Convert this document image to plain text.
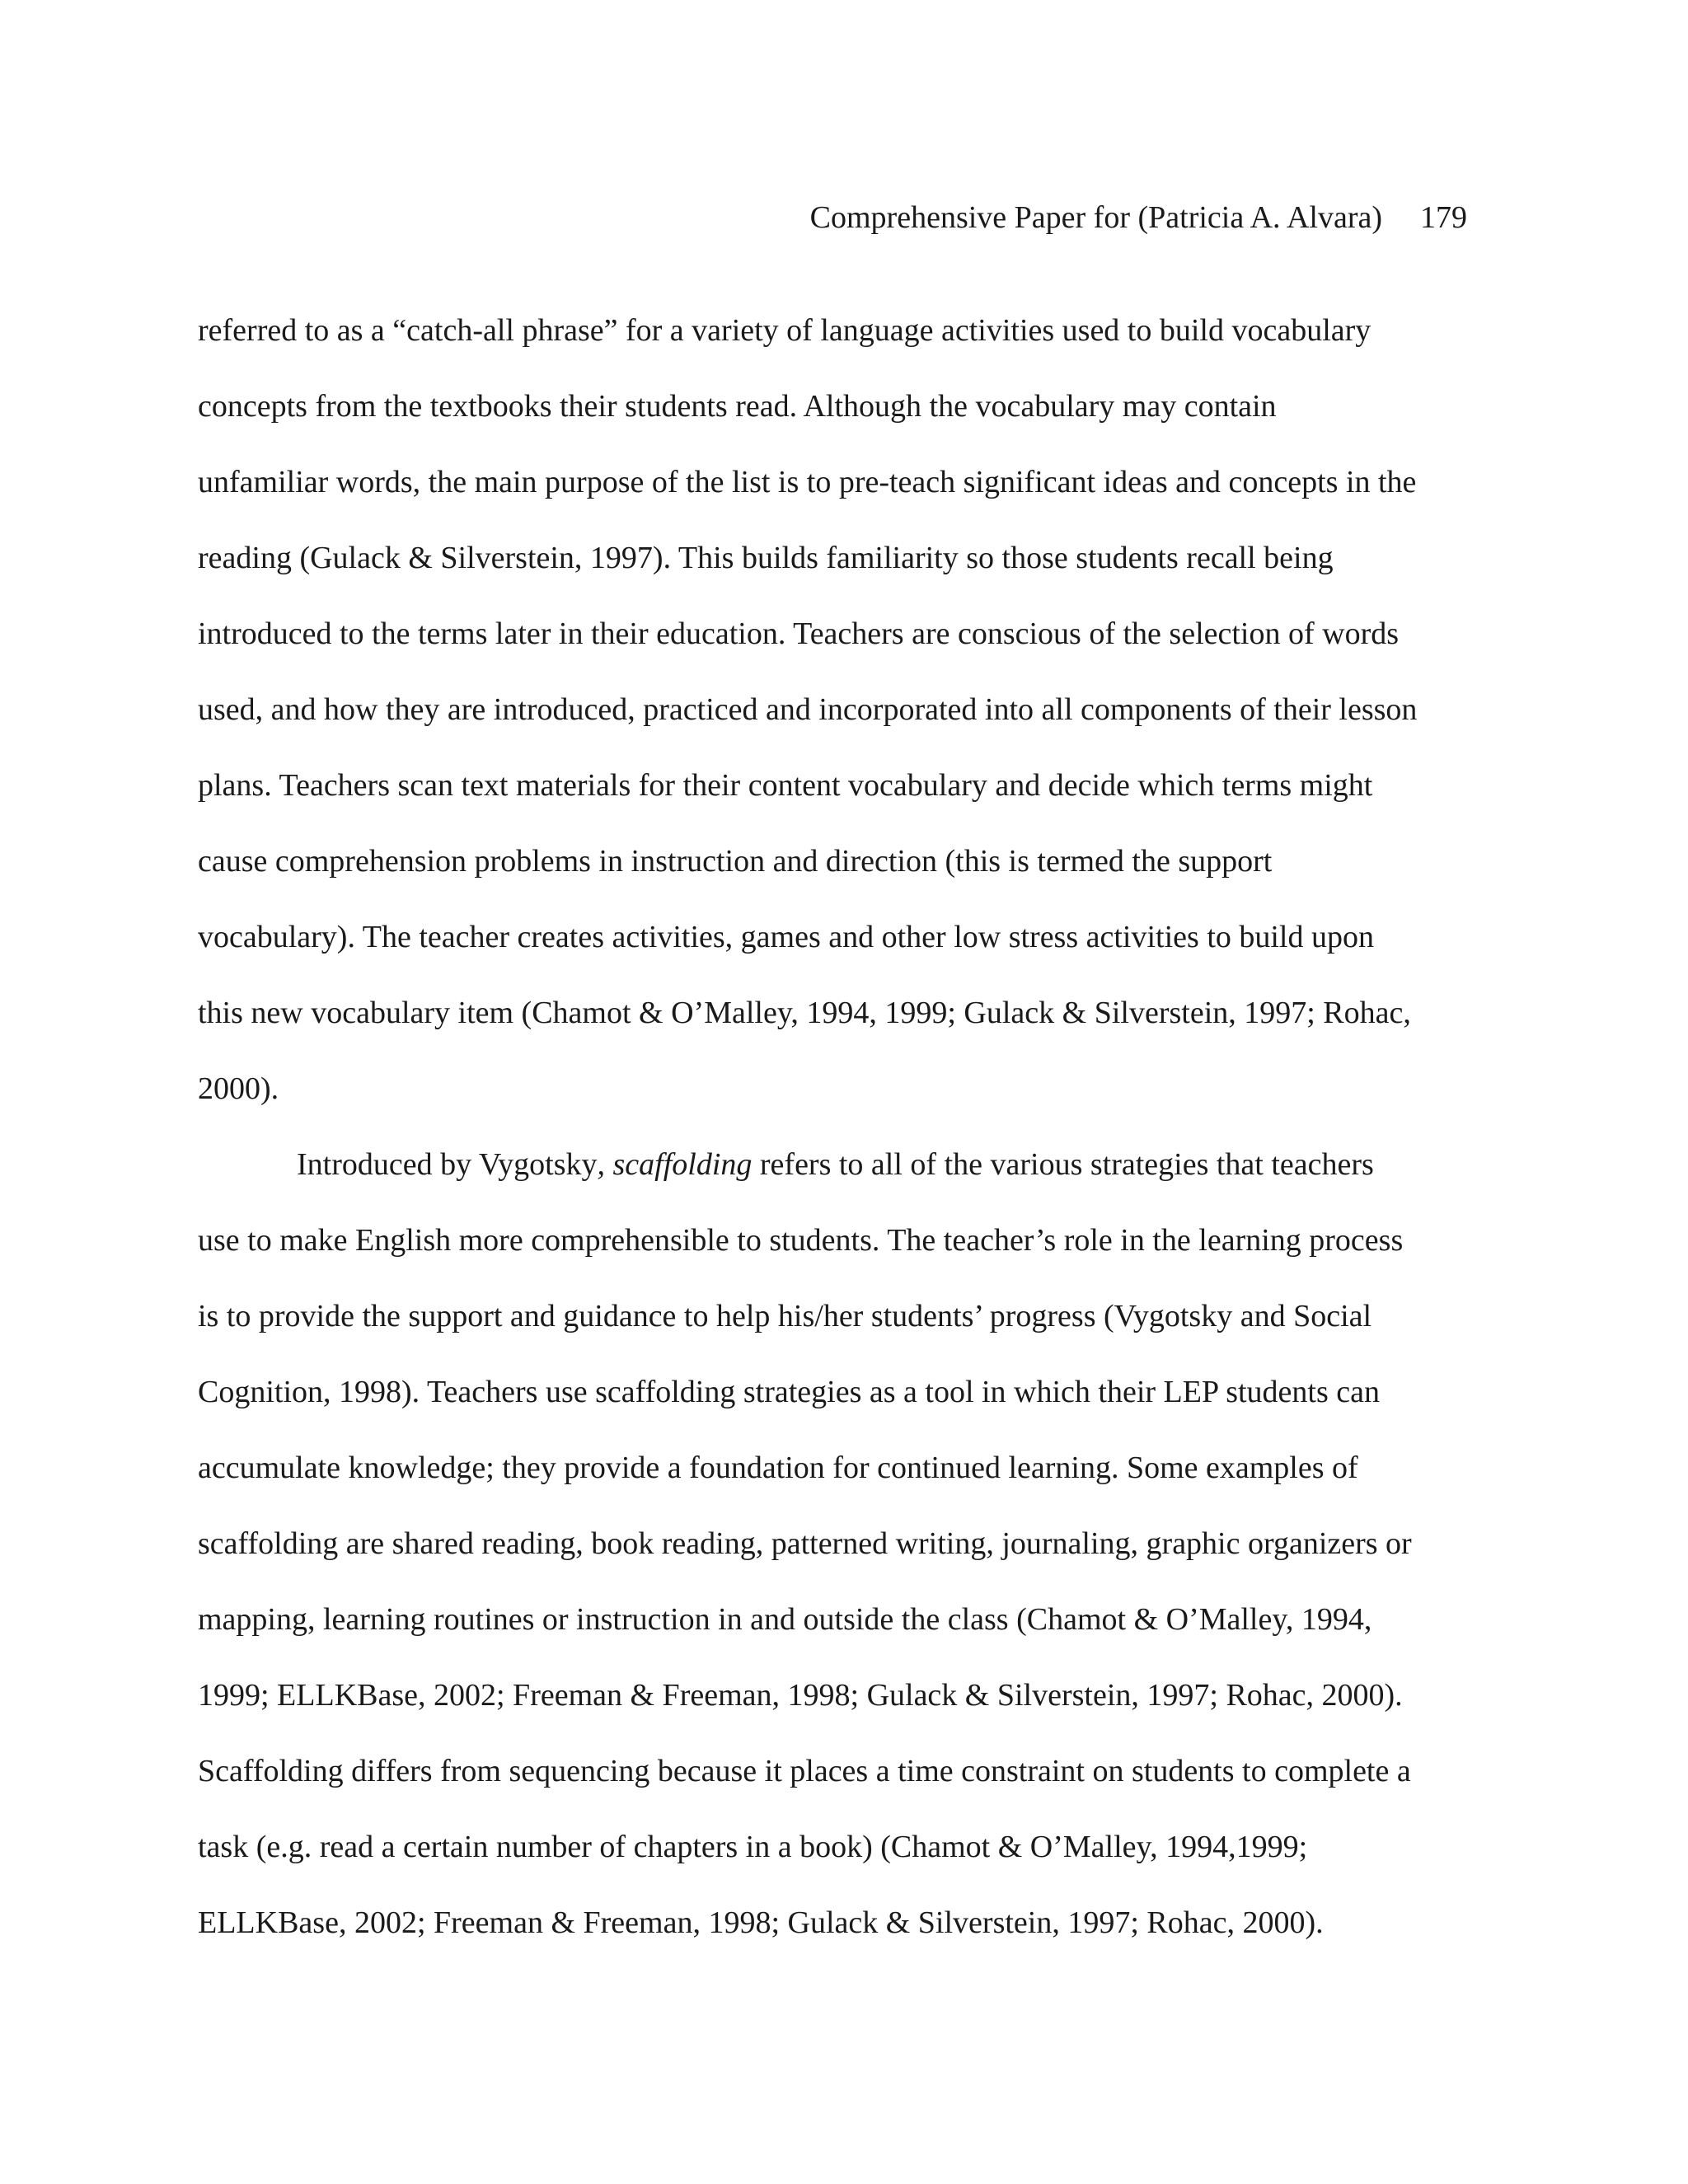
Comprehensive Paper for (Patricia A. Alvara) 179
referred to as a “catch-all phrase” for a variety of language activities used to build vocabulary
concepts from the textbooks their students read. Although the vocabulary may contain
unfamiliar words, the main purpose of the list is to pre-teach significant ideas and concepts in the
reading (Gulack & Silverstein, 1997). This builds familiarity so those students recall being
introduced to the terms later in their education. Teachers are conscious of the selection of words
used, and how they are introduced, practiced and incorporated into all components of their lesson
plans. Teachers scan text materials for their content vocabulary and decide which terms might
cause comprehension problems in instruction and direction (this is termed the support
vocabulary). The teacher creates activities, games and other low stress activities to build upon
this new vocabulary item (Chamot & O’Malley, 1994, 1999; Gulack & Silverstein, 1997; Rohac,
2000).
Introduced by Vygotsky, scaffolding refers to all of the various strategies that teachers
use to make English more comprehensible to students. The teacher’s role in the learning process
is to provide the support and guidance to help his/her students’ progress (Vygotsky and Social
Cognition, 1998). Teachers use scaffolding strategies as a tool in which their LEP students can
accumulate knowledge; they provide a foundation for continued learning. Some examples of
scaffolding are shared reading, book reading, patterned writing, journaling, graphic organizers or
mapping, learning routines or instruction in and outside the class (Chamot & O’Malley, 1994,
1999; ELLKBase, 2002; Freeman & Freeman, 1998; Gulack & Silverstein, 1997; Rohac, 2000).
Scaffolding differs from sequencing because it places a time constraint on students to complete a
task (e.g. read a certain number of chapters in a book) (Chamot & O’Malley, 1994,1999;
ELLKBase, 2002; Freeman & Freeman, 1998; Gulack & Silverstein, 1997; Rohac, 2000).
